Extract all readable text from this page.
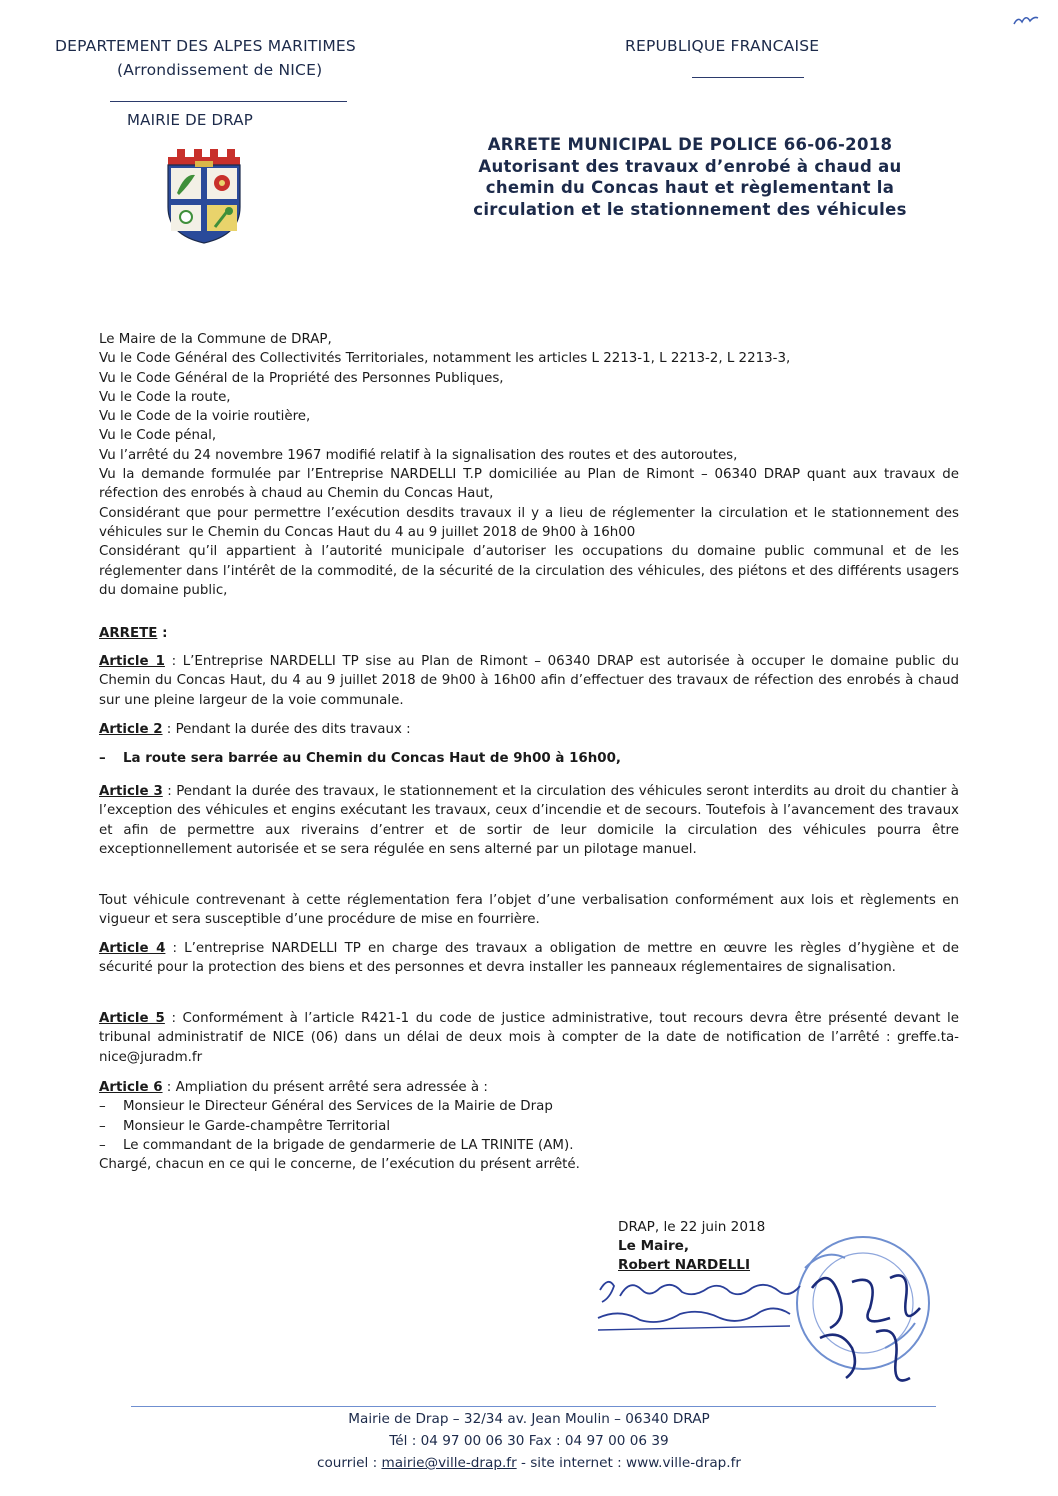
DEPARTEMENT DES ALPES MARITIMES
(Arrondissement de NICE)
REPUBLIQUE FRANCAISE
MAIRIE DE DRAP
ARRETE MUNICIPAL DE POLICE 66-06-2018
Autorisant des travaux d’enrobé à chaud au
chemin du Concas haut et règlementant la
circulation et le stationnement des véhicules
Le Maire de la Commune de DRAP,
Vu le Code Général des Collectivités Territoriales, notamment les articles L 2213-1, L 2213-2, L 2213-3,
Vu le Code Général de la Propriété des Personnes Publiques,
Vu le Code la route,
Vu le Code de la voirie routière,
Vu le Code pénal,
Vu l’arrêté du 24 novembre 1967 modifié relatif à la signalisation des routes et des autoroutes,
Vu la demande formulée par l’Entreprise NARDELLI T.P domiciliée au Plan de Rimont – 06340 DRAP quant aux travaux de réfection des enrobés à chaud au Chemin du Concas Haut,
Considérant que pour permettre l’exécution desdits travaux il y a lieu de réglementer la circulation et le stationnement des véhicules sur le Chemin du Concas Haut du 4 au 9 juillet 2018 de 9h00 à 16h00
Considérant qu’il appartient à l’autorité municipale d’autoriser les occupations du domaine public communal et de les réglementer dans l’intérêt de la commodité, de la sécurité de la circulation des véhicules, des piétons et des différents usagers du domaine public,
ARRETE :
Article 1 : L’Entreprise NARDELLI TP sise au Plan de Rimont – 06340 DRAP est autorisée à occuper le domaine public du Chemin du Concas Haut, du 4 au 9 juillet 2018 de 9h00 à 16h00 afin d’effectuer des travaux de réfection des enrobés à chaud sur une pleine largeur de la voie communale.
Article 2 : Pendant la durée des dits travaux :
– La route sera barrée au Chemin du Concas Haut de 9h00 à 16h00,
Article 3 : Pendant la durée des travaux, le stationnement et la circulation des véhicules seront interdits au droit du chantier à l’exception des véhicules et engins exécutant les travaux, ceux d’incendie et de secours. Toutefois à l’avancement des travaux et afin de permettre aux riverains d’entrer et de sortir de leur domicile la circulation des véhicules pourra être exceptionnellement autorisée et se sera régulée en sens alterné par un pilotage manuel.
Tout véhicule contrevenant à cette réglementation fera l’objet d’une verbalisation conformément aux lois et règlements en vigueur et sera susceptible d’une procédure de mise en fourrière.
Article 4 : L’entreprise NARDELLI TP en charge des travaux a obligation de mettre en œuvre les règles d’hygiène et de sécurité pour la protection des biens et des personnes et devra installer les panneaux réglementaires de signalisation.
Article 5 : Conformément à l’article R421-1 du code de justice administrative, tout recours devra être présenté devant le tribunal administratif de NICE (06) dans un délai de deux mois à compter de la date de notification de l’arrêté : greffe.ta-nice@juradm.fr
Article 6 : Ampliation du présent arrêté sera adressée à :
– Monsieur le Directeur Général des Services de la Mairie de Drap
– Monsieur le Garde-champêtre Territorial
– Le commandant de la brigade de gendarmerie de LA TRINITE (AM).
Chargé, chacun en ce qui le concerne, de l’exécution du présent arrêté.
DRAP, le 22 juin 2018
Le Maire,
Robert NARDELLI
Mairie de Drap – 32/34 av. Jean Moulin – 06340 DRAP
Tél : 04 97 00 06 30 Fax : 04 97 00 06 39
courriel : mairie@ville-drap.fr - site internet : www.ville-drap.fr
